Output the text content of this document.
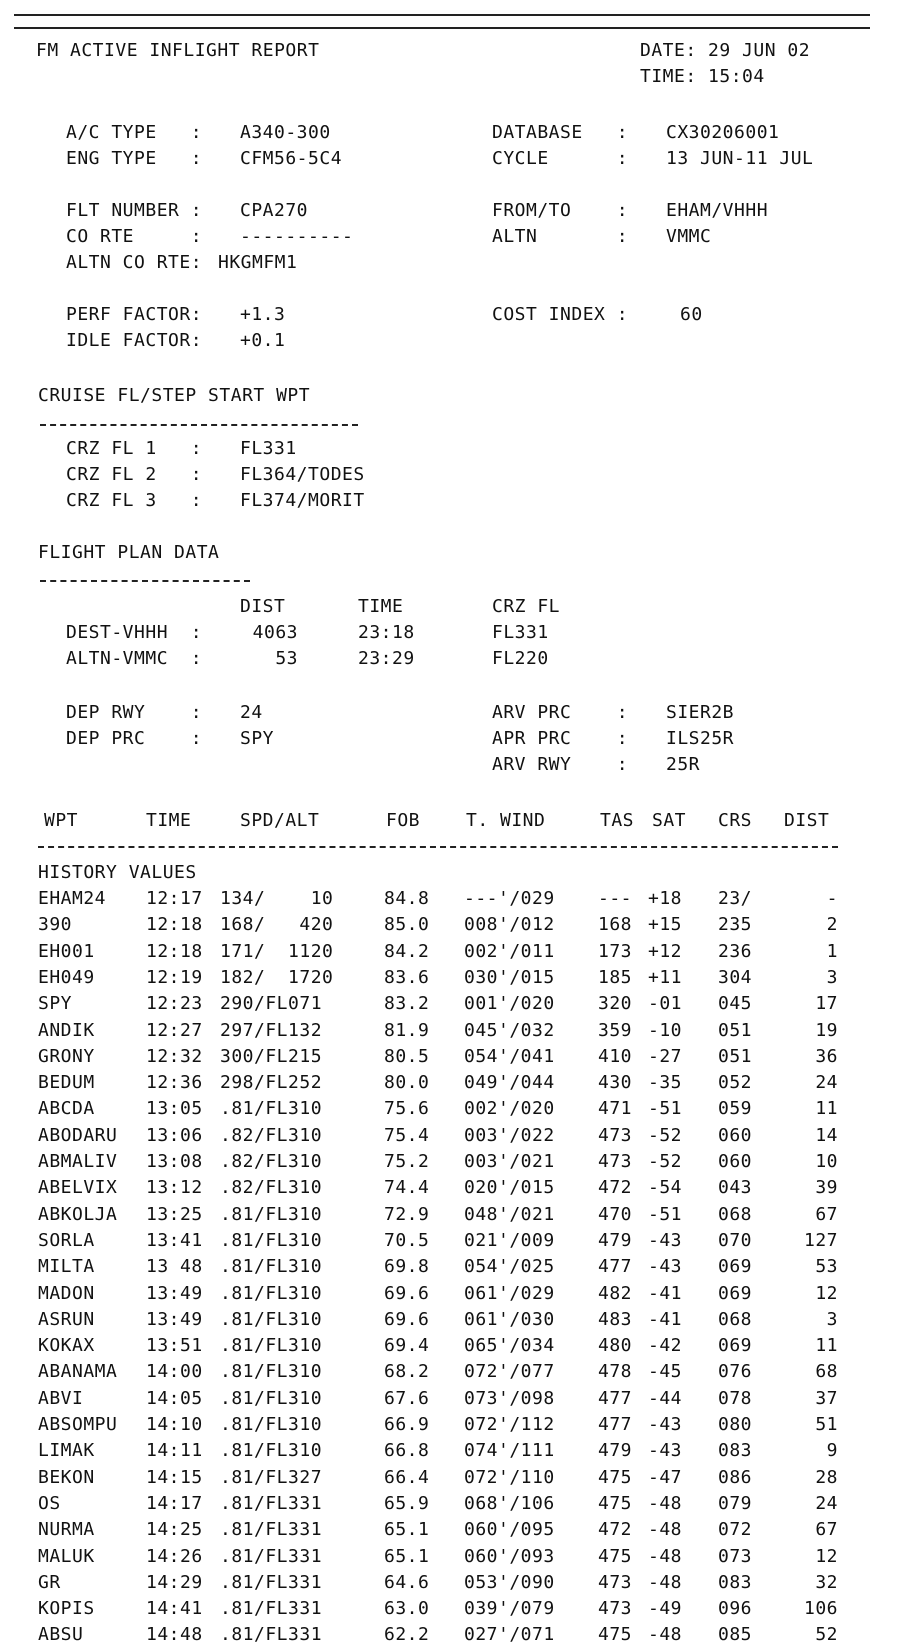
FM ACTIVE INFLIGHT REPORT	DATE: 29 JUN 02
TIME: 15:04
A/C TYPE   : A340-300	DATABASE   : CX30206001
ENG TYPE   : CFM56-5C4	CYCLE      : 13 JUN-11 JUL
FLT NUMBER : CPA270	FROM/TO    : EHAM/VHHH
CO RTE     : ----------	ALTN       : VMMC
ALTN CO RTE: HKGMFM1
PERF FACTOR: +1.3	COST INDEX :	60
IDLE FACTOR: +0.1
CRUISE FL/STEP START WPT
CRZ FL 1   : FL331
CRZ FL 2   : FL364/TODES
CRZ FL 3   : FL374/MORIT
FLIGHT PLAN DATA
DIST	TIME	CRZ FL
DEST-VHHH  :	4063	23:18	FL331
ALTN-VMMC  :	53	23:29	FL220
DEP RWY    : 24	ARV PRC    : SIER2B
DEP PRC    : SPY	APR PRC    : ILS25R
ARV RWY    : 25R
WPT	TIME	SPD/ALT	FOB	T. WIND	TAS SAT CRS DIST
HISTORY VALUES
EHAM24 12:17 134/    10	84.8 ---'/029 --- +18 23/	-
390	12:18 168/   420	85.0 008'/012 168 +15 235	2
EH001	12:18 171/  1120	84.2 002'/011 173 +12 236	1
EH049	12:19 182/  1720	83.6 030'/015 185 +11 304	3
SPY	12:23 290/FL071	83.2 001'/020 320 -01 045	17
ANDIK	12:27 297/FL132	81.9 045'/032 359 -10 051	19
GRONY	12:32 300/FL215	80.5 054'/041 410 -27 051	36
BEDUM	12:36 298/FL252	80.0 049'/044 430 -35 052	24
ABCDA	13:05 .81/FL310	75.6 002'/020 471 -51 059	11
ABODARU 13:06 .82/FL310	75.4 003'/022 473 -52 060	14
ABMALIV 13:08 .82/FL310	75.2 003'/021 473 -52 060	10
ABELVIX 13:12 .82/FL310	74.4 020'/015 472 -54 043	39
ABKOLJA 13:25 .81/FL310	72.9 048'/021 470 -51 068	67
SORLA	13:41 .81/FL310	70.5 021'/009 479 -43 070	127
MILTA	13 48 .81/FL310	69.8 054'/025 477 -43 069	53
MADON	13:49 .81/FL310	69.6 061'/029 482 -41 069	12
ASRUN	13:49 .81/FL310	69.6 061'/030 483 -41 068	3
KOKAX	13:51 .81/FL310	69.4 065'/034 480 -42 069	11
ABANAMA 14:00 .81/FL310	68.2 072'/077 478 -45 076	68
ABVI	14:05 .81/FL310	67.6 073'/098 477 -44 078	37
ABSOMPU 14:10 .81/FL310	66.9 072'/112 477 -43 080	51
LIMAK	14:11 .81/FL310	66.8 074'/111 479 -43 083	9
BEKON	14:15 .81/FL327	66.4 072'/110 475 -47 086	28
OS	14:17 .81/FL331	65.9 068'/106 475 -48 079	24
NURMA	14:25 .81/FL331	65.1 060'/095 472 -48 072	67
MALUK	14:26 .81/FL331	65.1 060'/093 475 -48 073	12
GR	14:29 .81/FL331	64.6 053'/090 473 -48 083	32
KOPIS	14:41 .81/FL331	63.0 039'/079 473 -49 096	106
ABSU	14:48 .81/FL331	62.2 027'/071 475 -48 085	52
